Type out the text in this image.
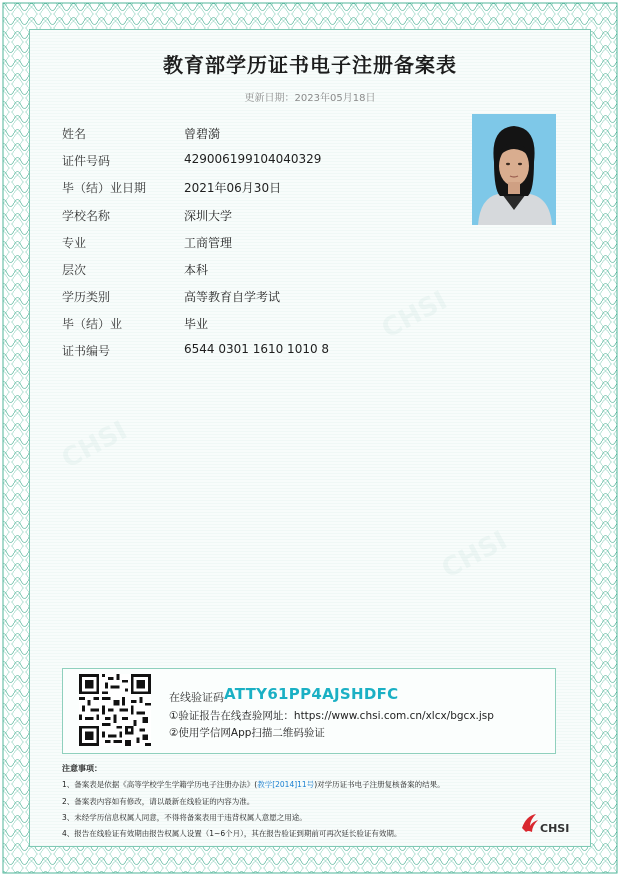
CHSI
CHSI
CHSI
教育部学历证书电子注册备案表
更新日期：2023年05月18日
姓名	曾碧漪
证件号码	429006199104040329
毕（结）业日期	2021年06月30日
学校名称	深圳大学
专业	工商管理
层次	本科
学历类别	高等教育自学考试
毕（结）业	毕业
证书编号	6544 0301 1610 1010 8
在线验证码 ATTY61PP4AJSHDFC
①验证报告在线查验网址：https://www.chsi.com.cn/xlcx/bgcx.jsp
②使用学信网App扫描二维码验证
注意事项：
1、备案表是依据《高等学校学生学籍学历电子注册办法》(教学[2014]11号)对学历证书电子注册复核备案的结果。
2、备案表内容如有修改，请以最新在线验证的内容为准。
3、未经学历信息权属人同意，不得将备案表用于违背权属人意愿之用途。
4、报告在线验证有效期由报告权属人设置（1~6个月），其在报告验证到期前可再次延长验证有效期。	CHSI
